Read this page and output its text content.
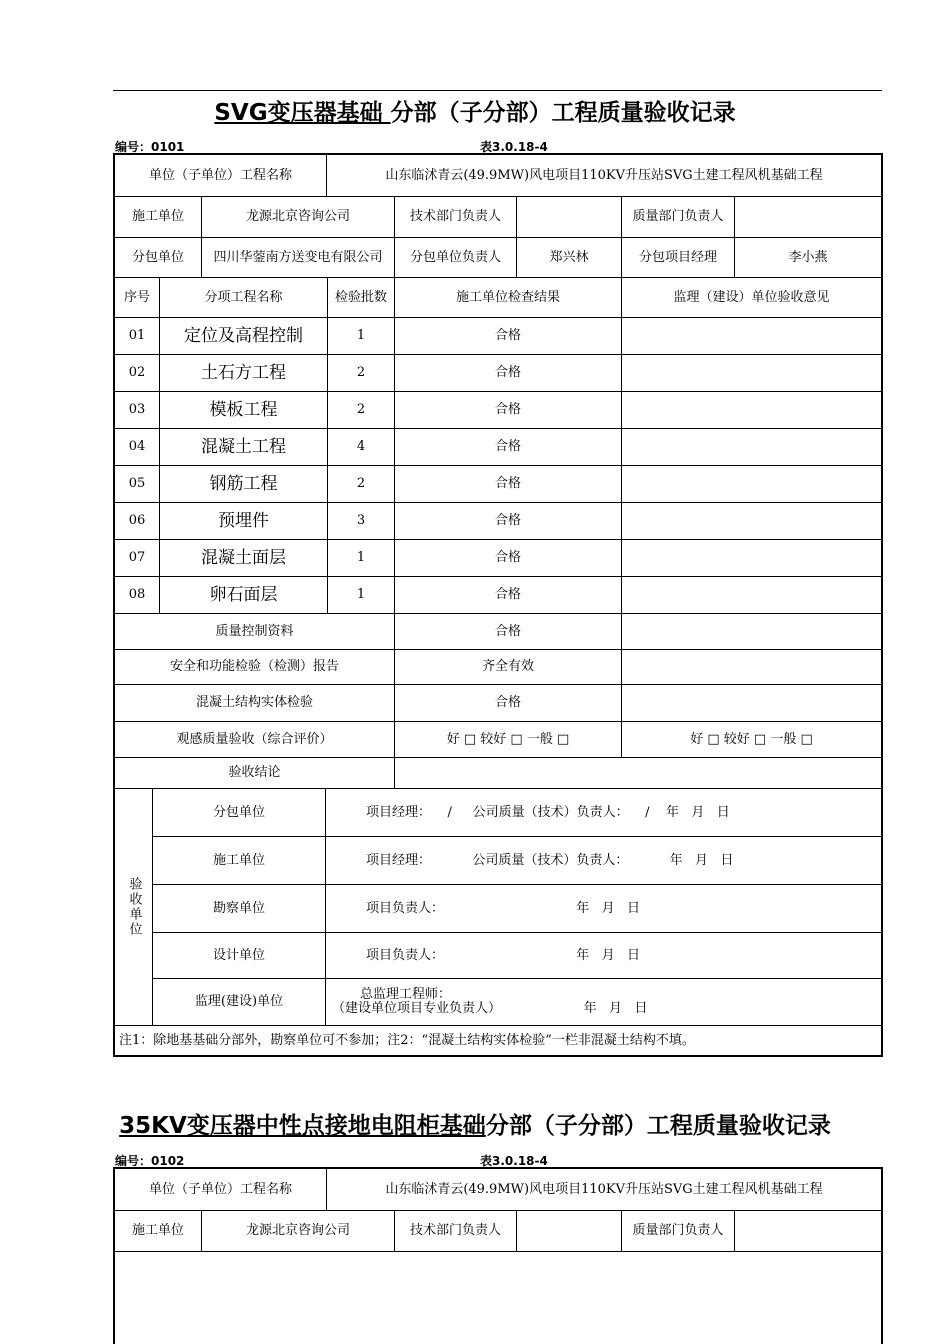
SVG变压器基础 分部（子分部）工程质量验收记录
编号：0101	表3.0.18-4
单位（子单位）工程名称	山东临沭青云(49.9MW)风电项目110KV升压站SVG土建工程风机基础工程
施工单位	龙源北京咨询公司	技术部门负责人	质量部门负责人
分包单位	四川华蓥南方送变电有限公司	分包单位负责人	郑兴林	分包项目经理	李小燕
序号	分项工程名称	检验批数	施工单位检查结果	监理（建设）单位验收意见
01	定位及高程控制	1	合格
02	土石方工程	2	合格
03	模板工程	2	合格
04	混凝土工程	4	合格
05	钢筋工程	2	合格
06	预埋件	3	合格
07	混凝土面层	1	合格
08	卵石面层	1	合格
质量控制资料	合格
安全和功能检验（检测）报告	齐全有效
混凝土结构实体检验	合格
观感质量验收（综合评价）	好 □ 较好 □ 一般 □	好 □ 较好 □ 一般 □
验收结论
验收单位
分包单位	项目经理：    /     公司质量（技术）负责人：    /    年   月   日
施工单位	项目经理：          公司质量（技术）负责人：          年   月   日
勘察单位	项目负责人：                                年   月   日
设计单位	项目负责人：                                年   月   日
监理(建设)单位	总监理工程师：
（建设单位项目专业负责人）                    年   月   日
注1：除地基基础分部外，勘察单位可不参加；注2：“混凝土结构实体检验”一栏非混凝土结构不填。
35KV变压器中性点接地电阻柜基础分部（子分部）工程质量验收记录
编号：0102	表3.0.18-4
单位（子单位）工程名称	山东临沭青云(49.9MW)风电项目110KV升压站SVG土建工程风机基础工程
施工单位	龙源北京咨询公司	技术部门负责人	质量部门负责人
